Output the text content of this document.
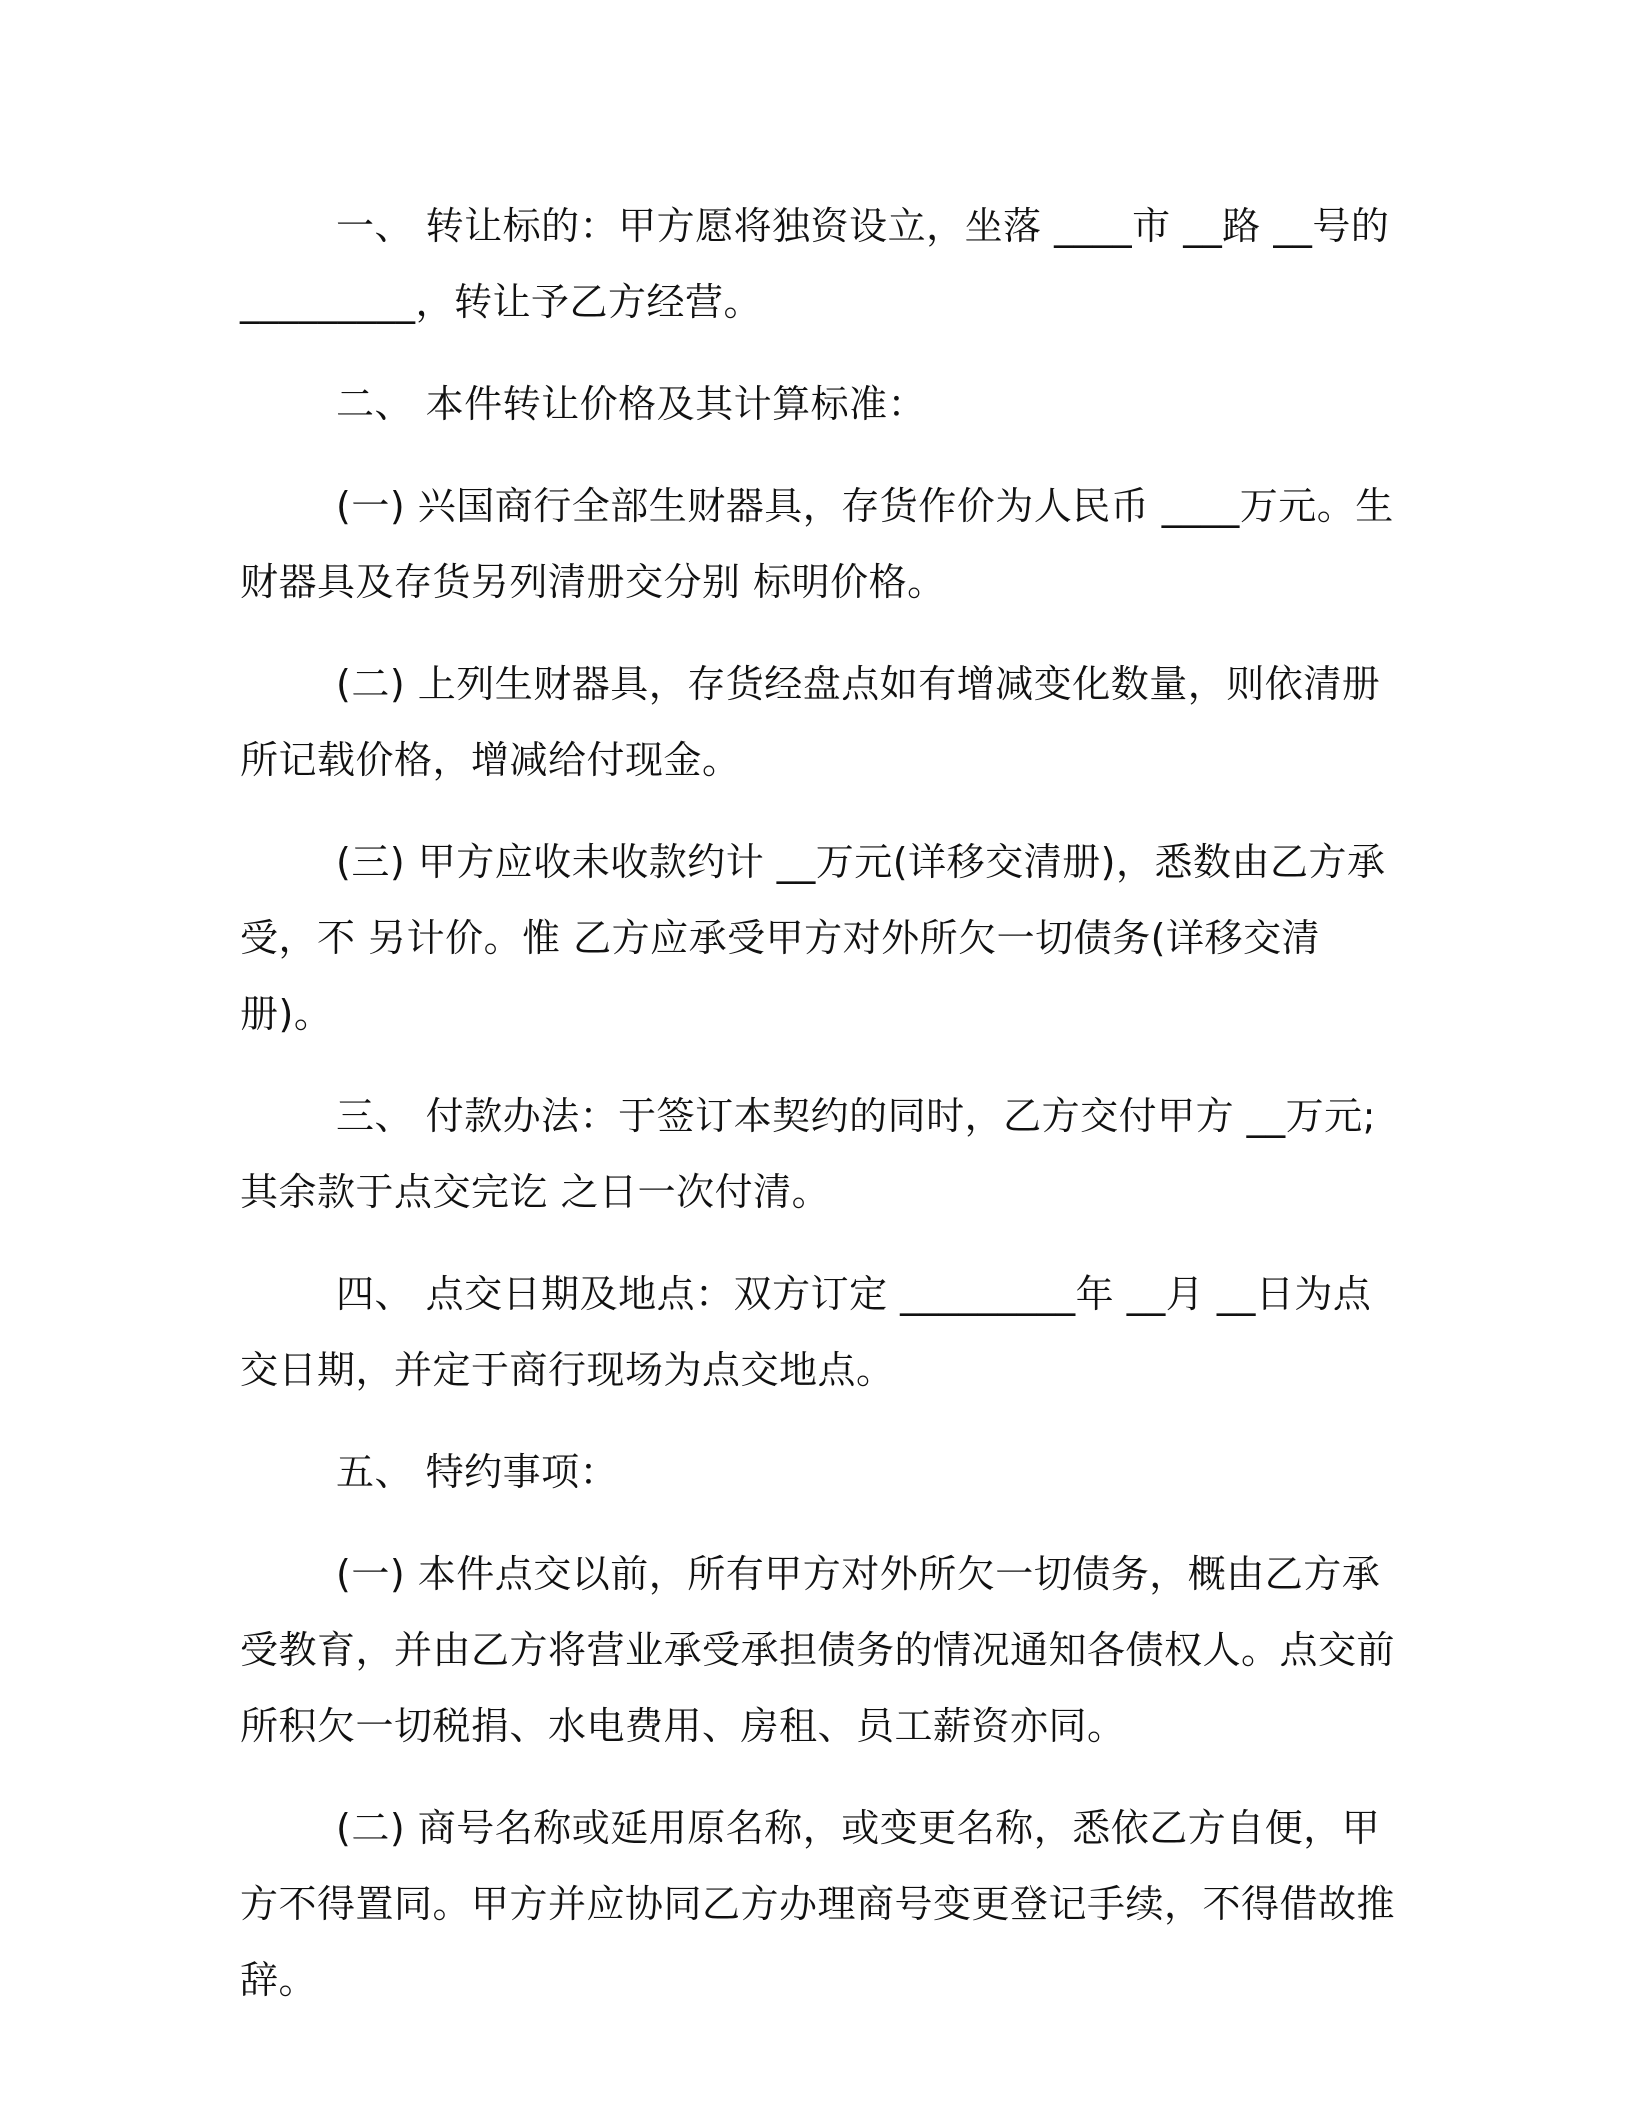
一、 转让标的：甲方愿将独资设立，坐落 ____市 __路 __号的 _________，转让予乙方经营。

二、 本件转让价格及其计算标准：

(一) 兴国商行全部生财器具，存货作价为人民币 ____万元。生财器具及存货另列清册交分别 标明价格。

(二) 上列生财器具，存货经盘点如有增减变化数量，则依清册所记载价格，增减给付现金。

(三) 甲方应收未收款约计 __万元(详移交清册)，悉数由乙方承受，不 另计价。惟 乙方应承受甲方对外所欠一切债务(详移交清册)。

三、 付款办法：于签订本契约的同时，乙方交付甲方 __万元;其余款于点交完讫 之日一次付清。

四、 点交日期及地点：双方订定 _________年 __月 __日为点交日期，并定于商行现场为点交地点。

五、 特约事项：

(一) 本件点交以前，所有甲方对外所欠一切债务，概由乙方承受教育，并由乙方将营业承受承担债务的情况通知各债权人。点交前所积欠一切税捐、水电费用、房租、员工薪资亦同。

(二) 商号名称或延用原名称，或变更名称，悉依乙方自便，甲方不得置同。甲方并应协同乙方办理商号变更登记手续，不得借故推辞。
